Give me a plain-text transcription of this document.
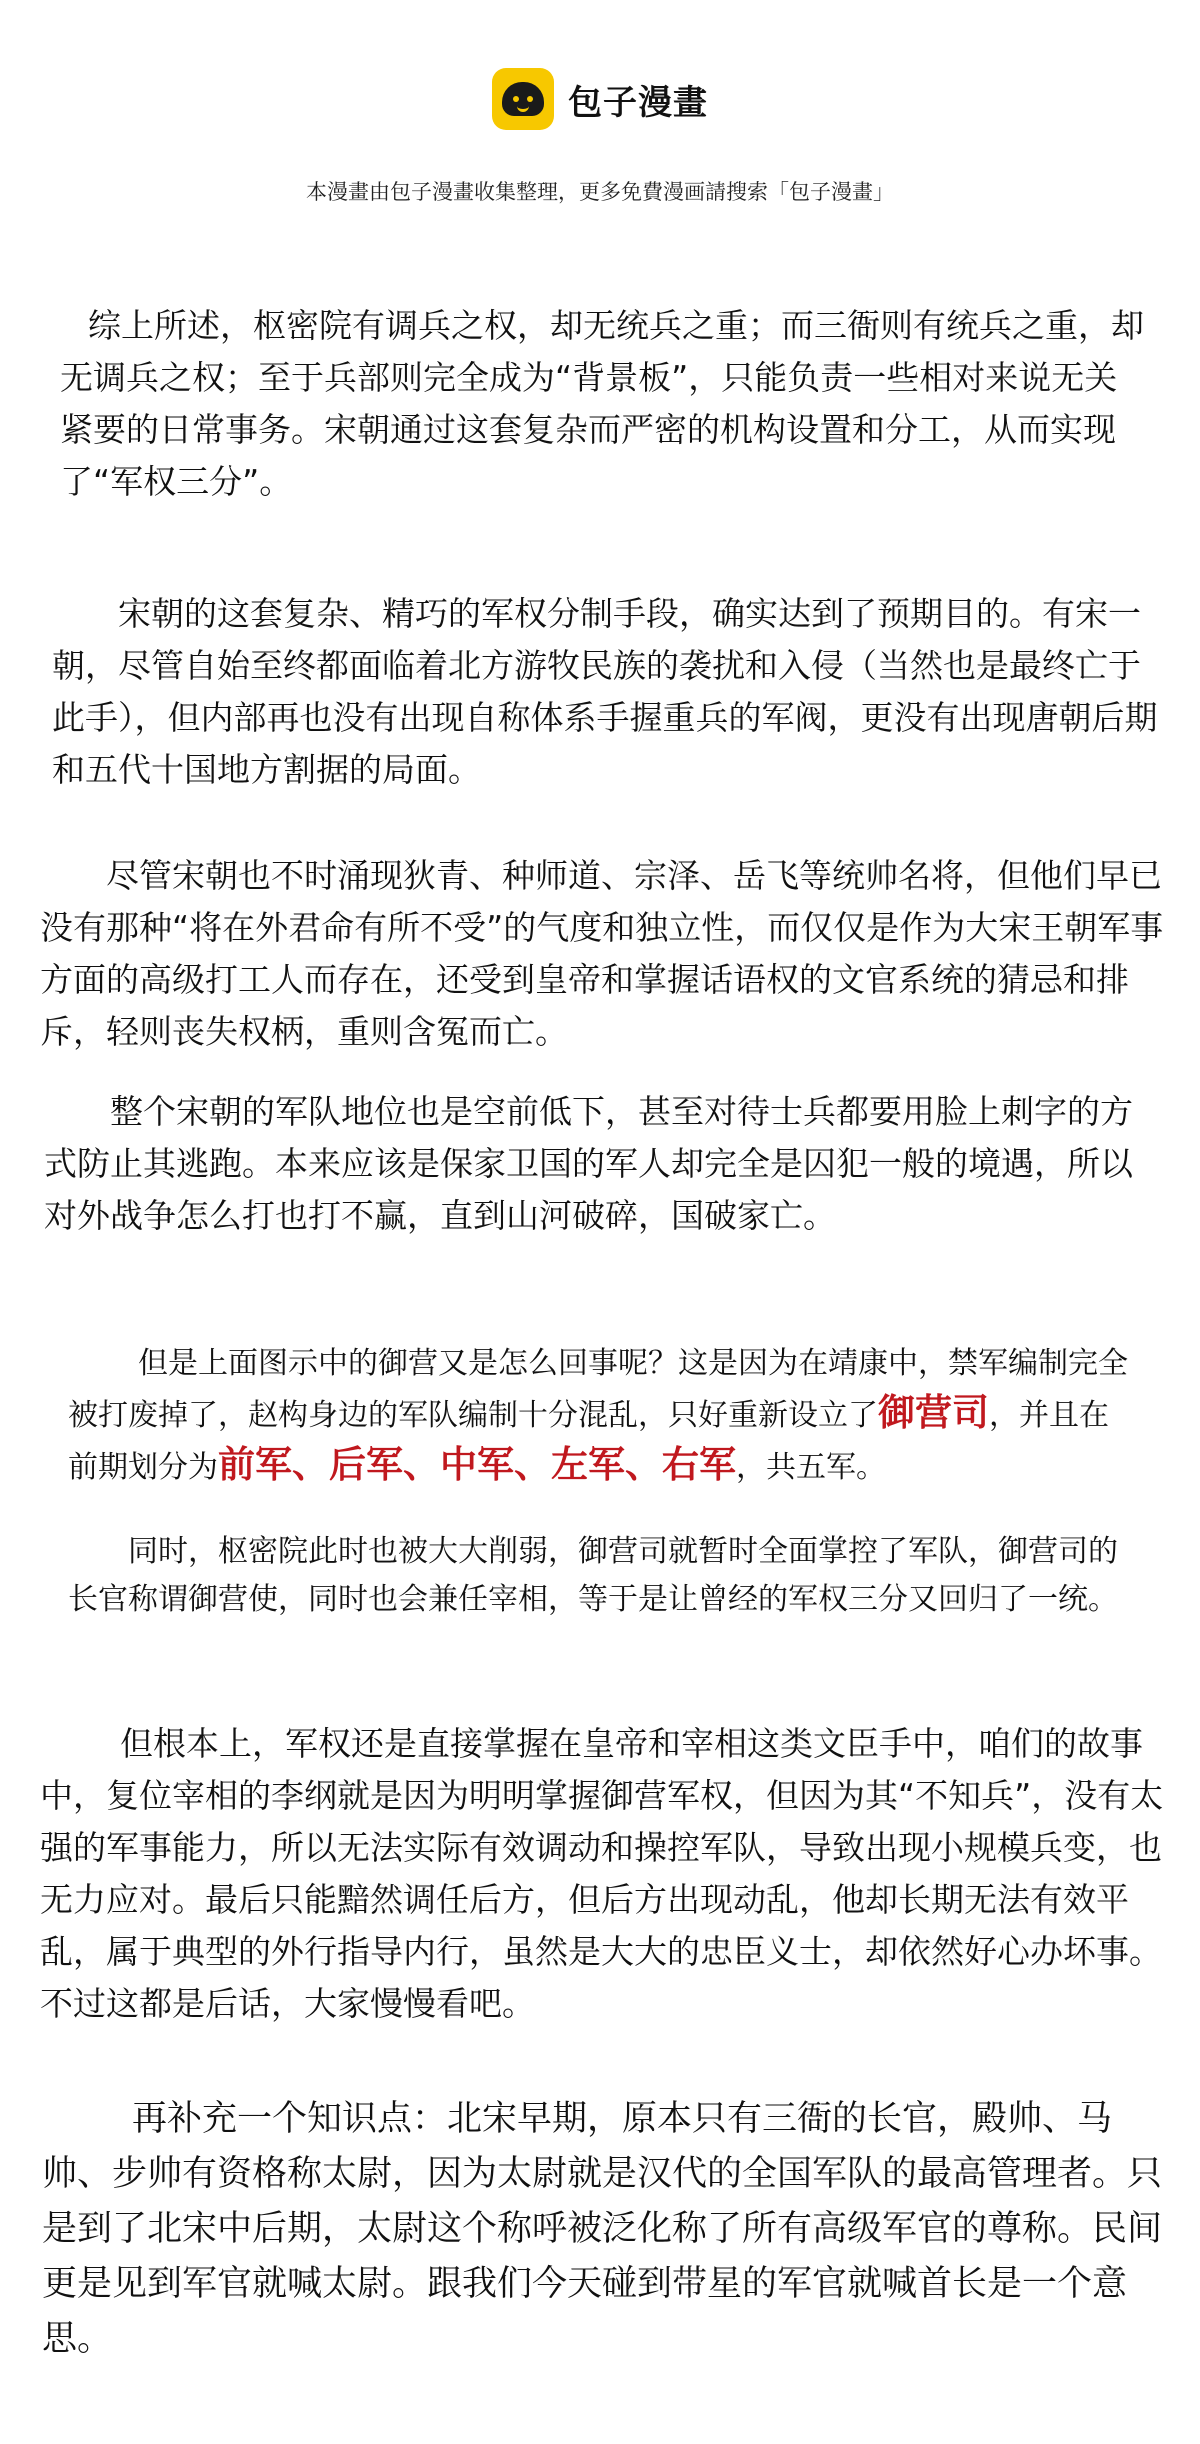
包子漫畫
本漫畫由包子漫畫收集整理，更多免費漫画請搜索「包子漫畫」

综上所述，枢密院有调兵之权，却无统兵之重；而三衙则有统兵之重，却无调兵之权；至于兵部则完全成为“背景板”，只能负责一些相对来说无关紧要的日常事务。宋朝通过这套复杂而严密的机构设置和分工，从而实现了“军权三分”。

宋朝的这套复杂、精巧的军权分制手段，确实达到了预期目的。有宋一朝，尽管自始至终都面临着北方游牧民族的袭扰和入侵（当然也是最终亡于此手），但内部再也没有出现自称体系手握重兵的军阀，更没有出现唐朝后期和五代十国地方割据的局面。

尽管宋朝也不时涌现狄青、种师道、宗泽、岳飞等统帅名将，但他们早已没有那种“将在外君命有所不受”的气度和独立性，而仅仅是作为大宋王朝军事方面的高级打工人而存在，还受到皇帝和掌握话语权的文官系统的猜忌和排斥，轻则丧失权柄，重则含冤而亡。

整个宋朝的军队地位也是空前低下，甚至对待士兵都要用脸上刺字的方式防止其逃跑。本来应该是保家卫国的军人却完全是囚犯一般的境遇，所以对外战争怎么打也打不赢，直到山河破碎，国破家亡。

但是上面图示中的御营又是怎么回事呢？这是因为在靖康中，禁军编制完全被打废掉了，赵构身边的军队编制十分混乱，只好重新设立了御营司，并且在前期划分为前军、后军、中军、左军、右军，共五军。

同时，枢密院此时也被大大削弱，御营司就暂时全面掌控了军队，御营司的长官称谓御营使，同时也会兼任宰相，等于是让曾经的军权三分又回归了一统。

但根本上，军权还是直接掌握在皇帝和宰相这类文臣手中，咱们的故事中，复位宰相的李纲就是因为明明掌握御营军权，但因为其“不知兵”，没有太强的军事能力，所以无法实际有效调动和操控军队，导致出现小规模兵变，也无力应对。最后只能黯然调任后方，但后方出现动乱，他却长期无法有效平乱，属于典型的外行指导内行，虽然是大大的忠臣义士，却依然好心办坏事。不过这都是后话，大家慢慢看吧。

再补充一个知识点：北宋早期，原本只有三衙的长官，殿帅、马帅、步帅有资格称太尉，因为太尉就是汉代的全国军队的最高管理者。只是到了北宋中后期，太尉这个称呼被泛化称了所有高级军官的尊称。民间更是见到军官就喊太尉。跟我们今天碰到带星的军官就喊首长是一个意思。
